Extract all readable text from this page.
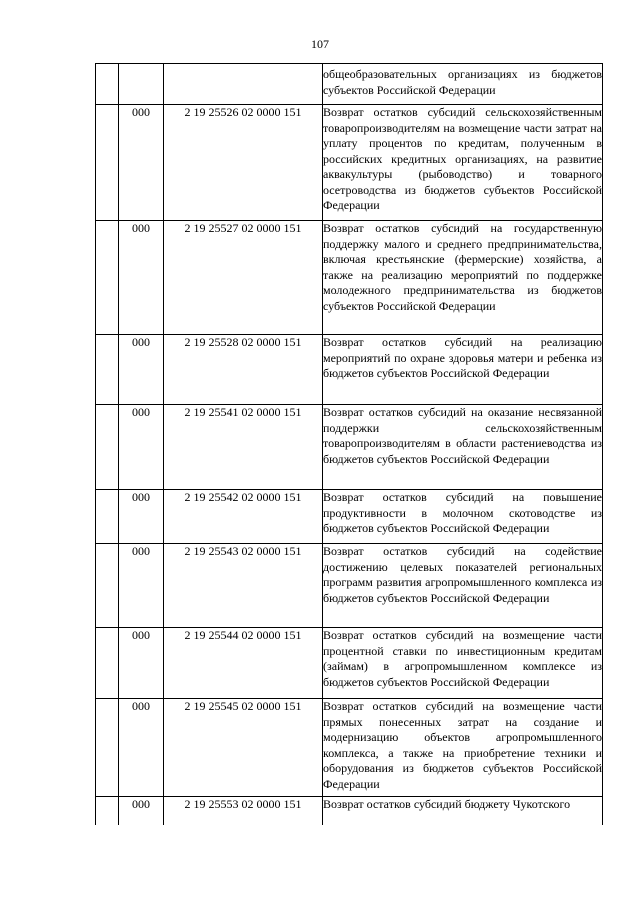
107

			общеобразовательных организациях из бюджетов субъектов Российской Федерации

	000	2 19 25526 02 0000 151	Возврат остатков субсидий сельскохозяйственным товаропроизводителям на возмещение части затрат на уплату процентов по кредитам, полученным в российских кредитных организациях, на развитие аквакультуры (рыбоводство) и товарного осетроводства из бюджетов субъектов Российской Федерации

	000	2 19 25527 02 0000 151	Возврат остатков субсидий на государственную поддержку малого и среднего предпринимательства, включая крестьянские (фермерские) хозяйства, а также на реализацию мероприятий по поддержке молодежного предпринимательства из бюджетов субъектов Российской Федерации

	000	2 19 25528 02 0000 151	Возврат остатков субсидий на реализацию мероприятий по охране здоровья матери и ребенка из бюджетов субъектов Российской Федерации

	000	2 19 25541 02 0000 151	Возврат остатков субсидий на оказание несвязанной поддержки сельскохозяйственным товаропроизводителям в области растениеводства из бюджетов субъектов Российской Федерации

	000	2 19 25542 02 0000 151	Возврат остатков субсидий на повышение продуктивности в молочном скотоводстве из бюджетов субъектов Российской Федерации

	000	2 19 25543 02 0000 151	Возврат остатков субсидий на содействие достижению целевых показателей региональных программ развития агропромышленного комплекса из бюджетов субъектов Российской Федерации

	000	2 19 25544 02 0000 151	Возврат остатков субсидий на возмещение части процентной ставки по инвестиционным кредитам (займам) в агропромышленном комплексе из бюджетов субъектов Российской Федерации

	000	2 19 25545 02 0000 151	Возврат остатков субсидий на возмещение части прямых понесенных затрат на создание и модернизацию объектов агропромышленного комплекса, а также на приобретение техники и оборудования из бюджетов субъектов Российской Федерации

	000	2 19 25553 02 0000 151	Возврат остатков субсидий бюджету Чукотского
